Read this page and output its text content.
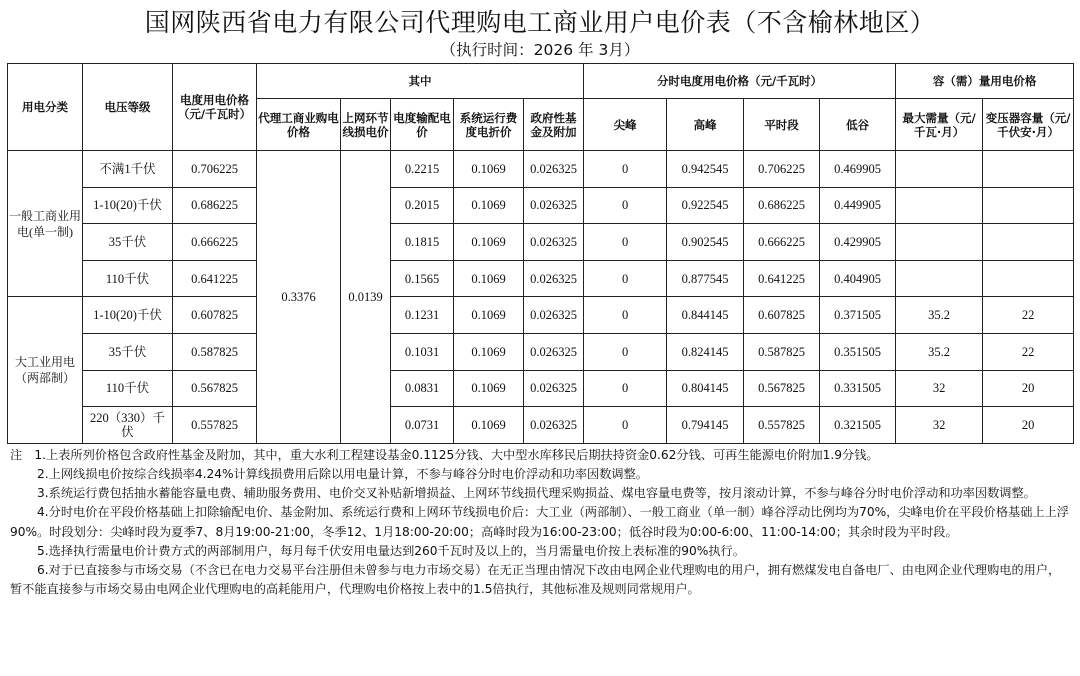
国网陕西省电力有限公司代理购电工商业用户电价表（不含榆林地区）
（执行时间：2026 年 3月）
用电分类	电压等级	电度用电价格（元/千瓦时）	其中					分时电度用电价格（元/千瓦时）				容（需）量用电价格	
			代理工商业购电价格	上网环节线损电价	电度输配电价	系统运行费度电折价	政府性基金及附加	尖峰	高峰	平时段	低谷	最大需量（元/千瓦·月）	变压器容量（元/千伏安·月）
一般工商业用电(单一制)	不满1千伏	0.706225	0.3376	0.0139	0.2215	0.1069	0.026325	0	0.942545	0.706225	0.469905		
	1-10(20)千伏	0.686225			0.2015	0.1069	0.026325	0	0.922545	0.686225	0.449905		
	35千伏	0.666225			0.1815	0.1069	0.026325	0	0.902545	0.666225	0.429905		
	110千伏	0.641225			0.1565	0.1069	0.026325	0	0.877545	0.641225	0.404905		
大工业用电（两部制）	1-10(20)千伏	0.607825			0.1231	0.1069	0.026325	0	0.844145	0.607825	0.371505	35.2	22
	35千伏	0.587825			0.1031	0.1069	0.026325	0	0.824145	0.587825	0.351505	35.2	22
	110千伏	0.567825			0.0831	0.1069	0.026325	0	0.804145	0.567825	0.331505	32	20
	220（330）千伏	0.557825			0.0731	0.1069	0.026325	0	0.794145	0.557825	0.321505	32	20

注　1.上表所列价格包含政府性基金及附加，其中，重大水利工程建设基金0.1125分钱、大中型水库移民后期扶持资金0.62分钱、可再生能源电价附加1.9分钱。

2.上网线损电价按综合线损率4.24%计算线损费用后除以用电量计算，不参与峰谷分时电价浮动和功率因数调整。

3.系统运行费包括抽水蓄能容量电费、辅助服务费用、电价交叉补贴新增损益、上网环节线损代理采购损益、煤电容量电费等，按月滚动计算，不参与峰谷分时电价浮动和功率因数调整。

4.分时电价在平段价格基础上扣除输配电价、基金附加、系统运行费和上网环节线损电价后：大工业（两部制）、一般工商业（单一制）峰谷浮动比例均为70%，尖峰电价在平段价格基础上上浮90%。时段划分：尖峰时段为夏季7、8月19:00-21:00，冬季12、1月18:00-20:00；高峰时段为16:00-23:00；低谷时段为0:00-6:00、11:00-14:00；其余时段为平时段。

5.选择执行需量电价计费方式的两部制用户，每月每千伏安用电量达到260千瓦时及以上的，当月需量电价按上表标准的90%执行。

6.对于已直接参与市场交易（不含已在电力交易平台注册但未曾参与电力市场交易）在无正当理由情况下改由电网企业代理购电的用户，拥有燃煤发电自备电厂、由电网企业代理购电的用户，暂不能直接参与市场交易由电网企业代理购电的高耗能用户，代理购电价格按上表中的1.5倍执行，其他标准及规则同常规用户。
